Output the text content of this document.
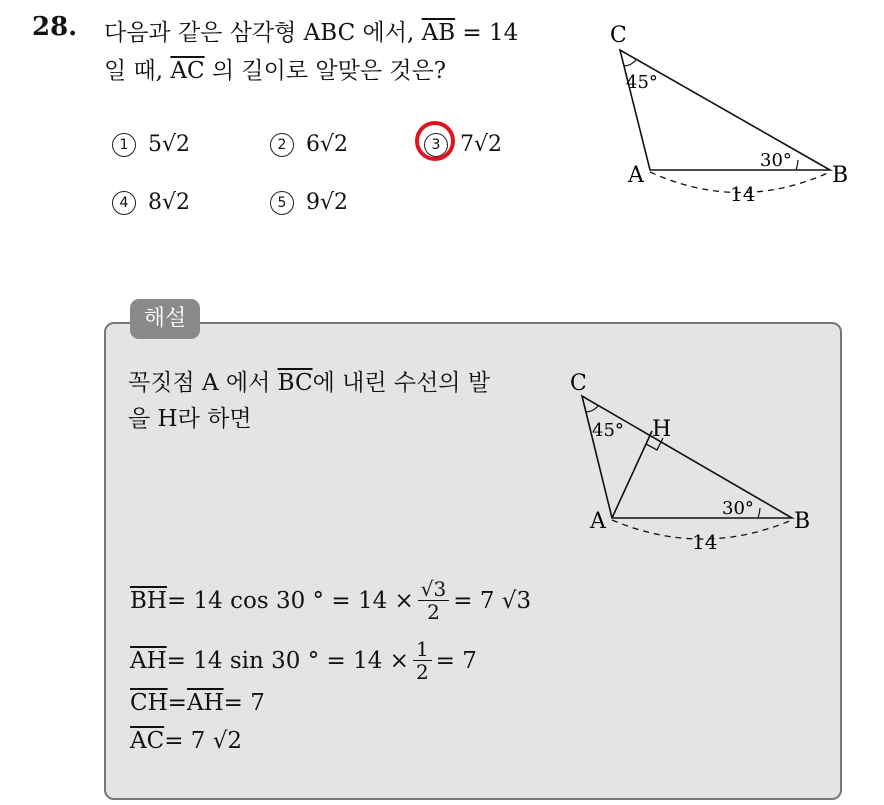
28. 다음과 같은 삼각형 ABC 에서, $\overline{AB} = 14$
일 때, $\overline{AC}$ 의 길이로 알맞은 것은?
1 5√2	2 6√2	3 7√2
4 8√2	5 9√2
C
45°
30°
A	B
14
해설
꼭짓점 A 에서 $\overline{BC}$에 내린 수선의 발
을 H라 하면
C
45° H
30°
A	B
14
$\overline{BH} = 14$ cos 30 ° = $14 \times \frac{√3}{2} = 7$ √3
$\overline{AH} = 14$ sin 30 ° = $14 \times \frac{1}{2} = 7$
$\overline{CH} = \overline{AH} = 7$
$\overline{AC} = 7$ √2
